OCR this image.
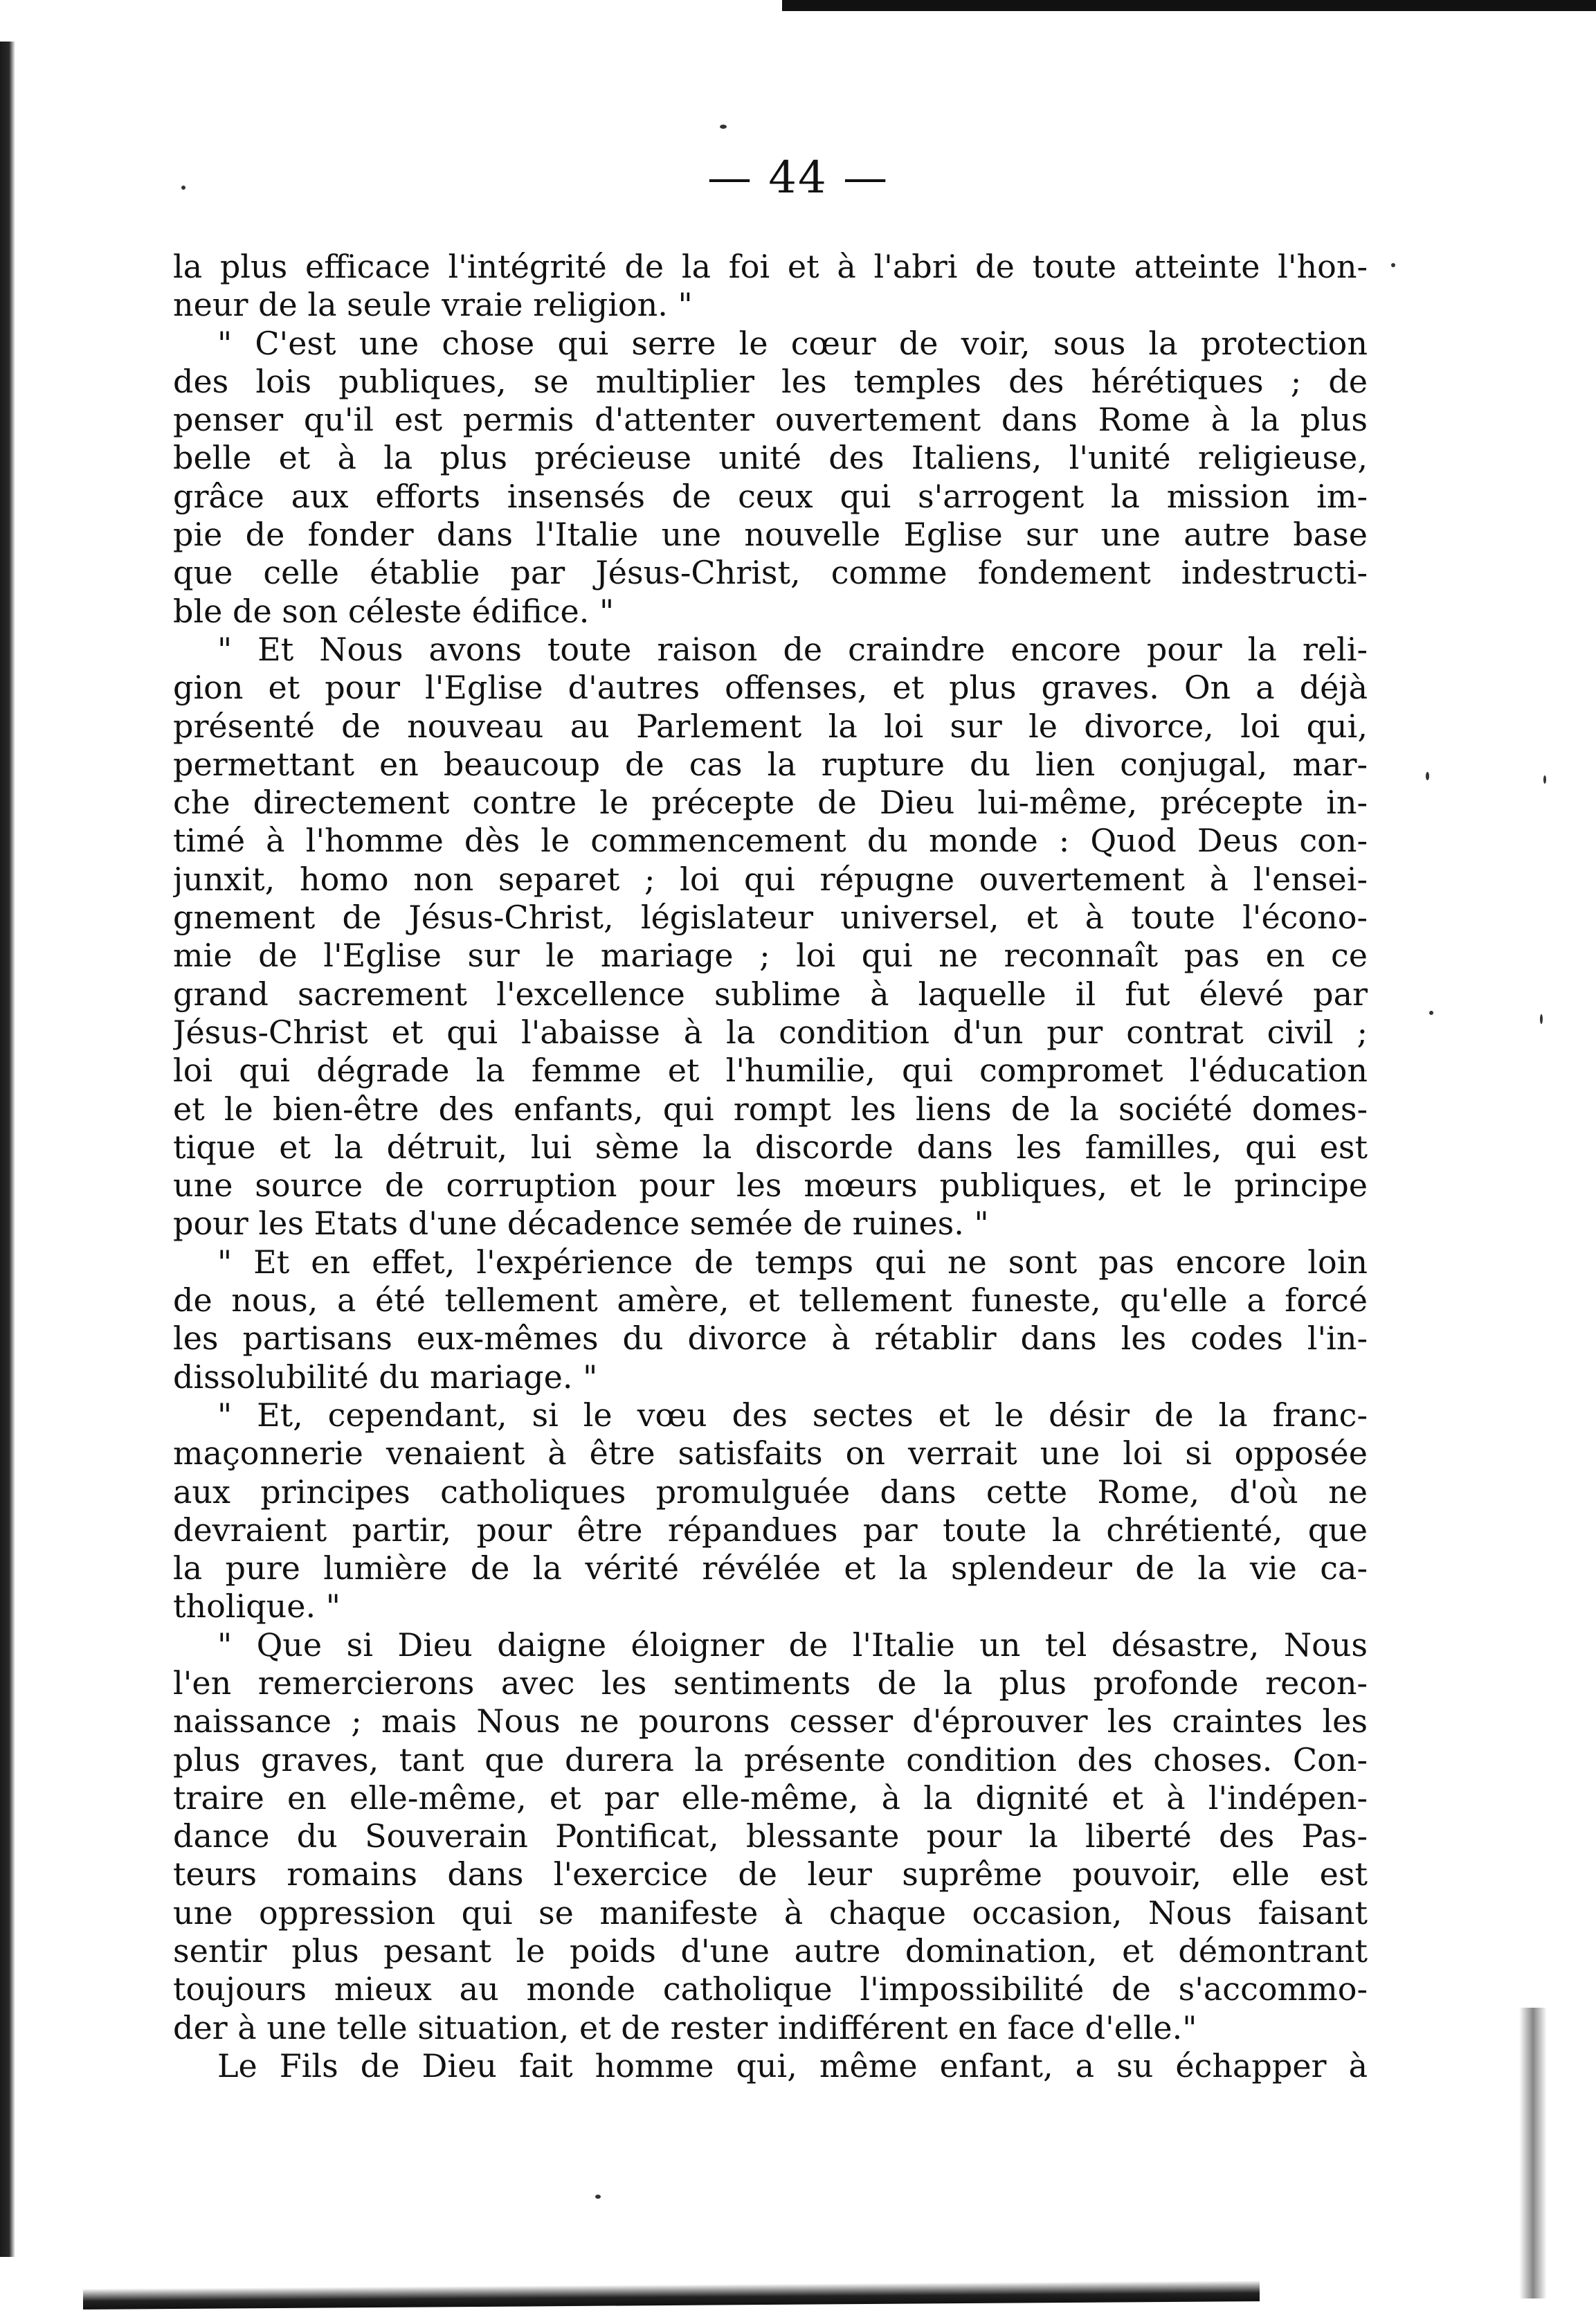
— 44 —
la plus efficace l'intégrité de la foi et à l'abri de toute atteinte l'hon-
neur de la seule vraie religion. "
" C'est une chose qui serre le cœur de voir, sous la protection
des lois publiques, se multiplier les temples des hérétiques ; de
penser qu'il est permis d'attenter ouvertement dans Rome à la plus
belle et à la plus précieuse unité des Italiens, l'unité religieuse,
grâce aux efforts insensés de ceux qui s'arrogent la mission im-
pie de fonder dans l'Italie une nouvelle Eglise sur une autre base
que celle établie par Jésus-Christ, comme fondement indestructi-
ble de son céleste édifice. "
" Et Nous avons toute raison de craindre encore pour la reli-
gion et pour l'Eglise d'autres offenses, et plus graves. On a déjà
présenté de nouveau au Parlement la loi sur le divorce, loi qui,
permettant en beaucoup de cas la rupture du lien conjugal, mar-
che directement contre le précepte de Dieu lui-même, précepte in-
timé à l'homme dès le commencement du monde : Quod Deus con-
junxit, homo non separet ; loi qui répugne ouvertement à l'ensei-
gnement de Jésus-Christ, législateur universel, et à toute l'écono-
mie de l'Eglise sur le mariage ; loi qui ne reconnaît pas en ce
grand sacrement l'excellence sublime à laquelle il fut élevé par
Jésus-Christ et qui l'abaisse à la condition d'un pur contrat civil ;
loi qui dégrade la femme et l'humilie, qui compromet l'éducation
et le bien-être des enfants, qui rompt les liens de la société domes-
tique et la détruit, lui sème la discorde dans les familles, qui est
une source de corruption pour les mœurs publiques, et le principe
pour les Etats d'une décadence semée de ruines. "
" Et en effet, l'expérience de temps qui ne sont pas encore loin
de nous, a été tellement amère, et tellement funeste, qu'elle a forcé
les partisans eux-mêmes du divorce à rétablir dans les codes l'in-
dissolubilité du mariage. "
" Et, cependant, si le vœu des sectes et le désir de la franc-
maçonnerie venaient à être satisfaits on verrait une loi si opposée
aux principes catholiques promulguée dans cette Rome, d'où ne
devraient partir, pour être répandues par toute la chrétienté, que
la pure lumière de la vérité révélée et la splendeur de la vie ca-
tholique. "
" Que si Dieu daigne éloigner de l'Italie un tel désastre, Nous
l'en remercierons avec les sentiments de la plus profonde recon-
naissance ; mais Nous ne pourons cesser d'éprouver les craintes les
plus graves, tant que durera la présente condition des choses. Con-
traire en elle-même, et par elle-même, à la dignité et à l'indépen-
dance du Souverain Pontificat, blessante pour la liberté des Pas-
teurs romains dans l'exercice de leur suprême pouvoir, elle est
une oppression qui se manifeste à chaque occasion, Nous faisant
sentir plus pesant le poids d'une autre domination, et démontrant
toujours mieux au monde catholique l'impossibilité de s'accommo-
der à une telle situation, et de rester indifférent en face d'elle."
Le Fils de Dieu fait homme qui, même enfant, a su échapper à
